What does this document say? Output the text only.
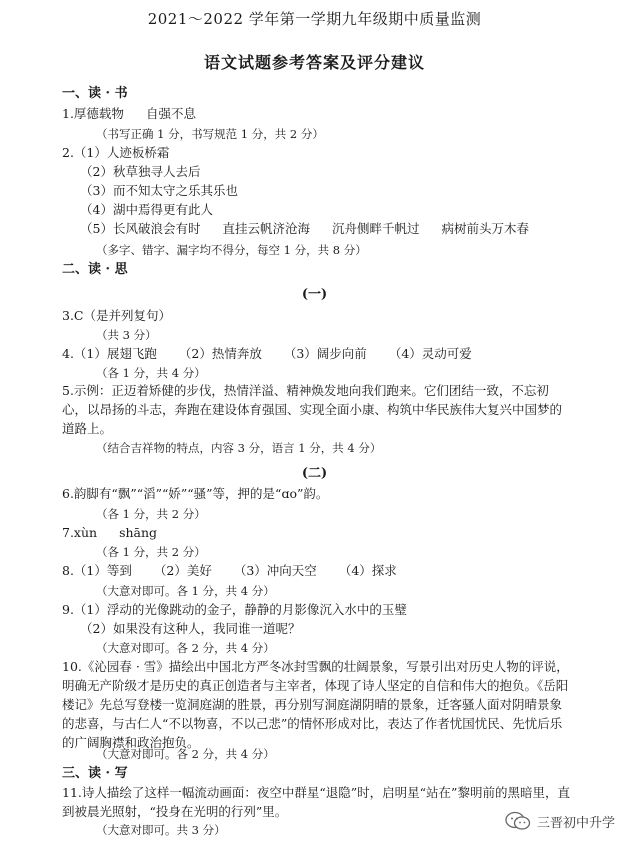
2021～2022 学年第一学期九年级期中质量监测
语文试题参考答案及评分建议
一、读 · 书
1.厚德载物 自强不息
（书写正确 1 分，书写规范 1 分，共 2 分）
2.（1）人迹板桥霜
（2）秋草独寻人去后
（3）而不知太守之乐其乐也
（4）湖中焉得更有此人
（5）长风破浪会有时 直挂云帆济沧海 沉舟侧畔千帆过 病树前头万木春
（多字、错字、漏字均不得分，每空 1 分，共 8 分）
二、读 · 思
(一)
3.C（是并列复句）
（共 3 分）
4.（1）展翅飞跑 （2）热情奔放 （3）阔步向前 （4）灵动可爱
（各 1 分，共 4 分）
5.示例：正迈着矫健的步伐，热情洋溢、精神焕发地向我们跑来。它们团结一致，不忘初心，以昂扬的斗志，奔跑在建设体育强国、实现全面小康、构筑中华民族伟大复兴中国梦的道路上。
（结合吉祥物的特点，内容 3 分，语言 1 分，共 4 分）
(二)
6.韵脚有“飘”“滔”“娇”“骚”等，押的是“ɑo”韵。
（各 1 分，共 2 分）
7.xùn shāng
（各 1 分，共 2 分）
8.（1）等到 （2）美好 （3）冲向天空 （4）探求
（大意对即可。各 1 分，共 4 分）
9.（1）浮动的光像跳动的金子，静静的月影像沉入水中的玉璧
（2）如果没有这种人，我同谁一道呢？
（大意对即可。各 2 分，共 4 分）
10.《沁园春 · 雪》描绘出中国北方严冬冰封雪飘的壮阔景象，写景引出对历史人物的评说，明确无产阶级才是历史的真正创造者与主宰者，体现了诗人坚定的自信和伟大的抱负。《岳阳楼记》先总写登楼一览洞庭湖的胜景，再分别写洞庭湖阴晴的景象，迁客骚人面对阴晴景象的悲喜，与古仁人“不以物喜，不以己悲”的情怀形成对比，表达了作者忧国忧民、先忧后乐的广阔胸襟和政治抱负。
（大意对即可。各 2 分，共 4 分）
三、读 · 写
11.诗人描绘了这样一幅流动画面：夜空中群星“退隐”时，启明星“站在”黎明前的黑暗里，直到被晨光照射，“投身在光明的行列”里。
（大意对即可。共 3 分）	三晋初中升学
